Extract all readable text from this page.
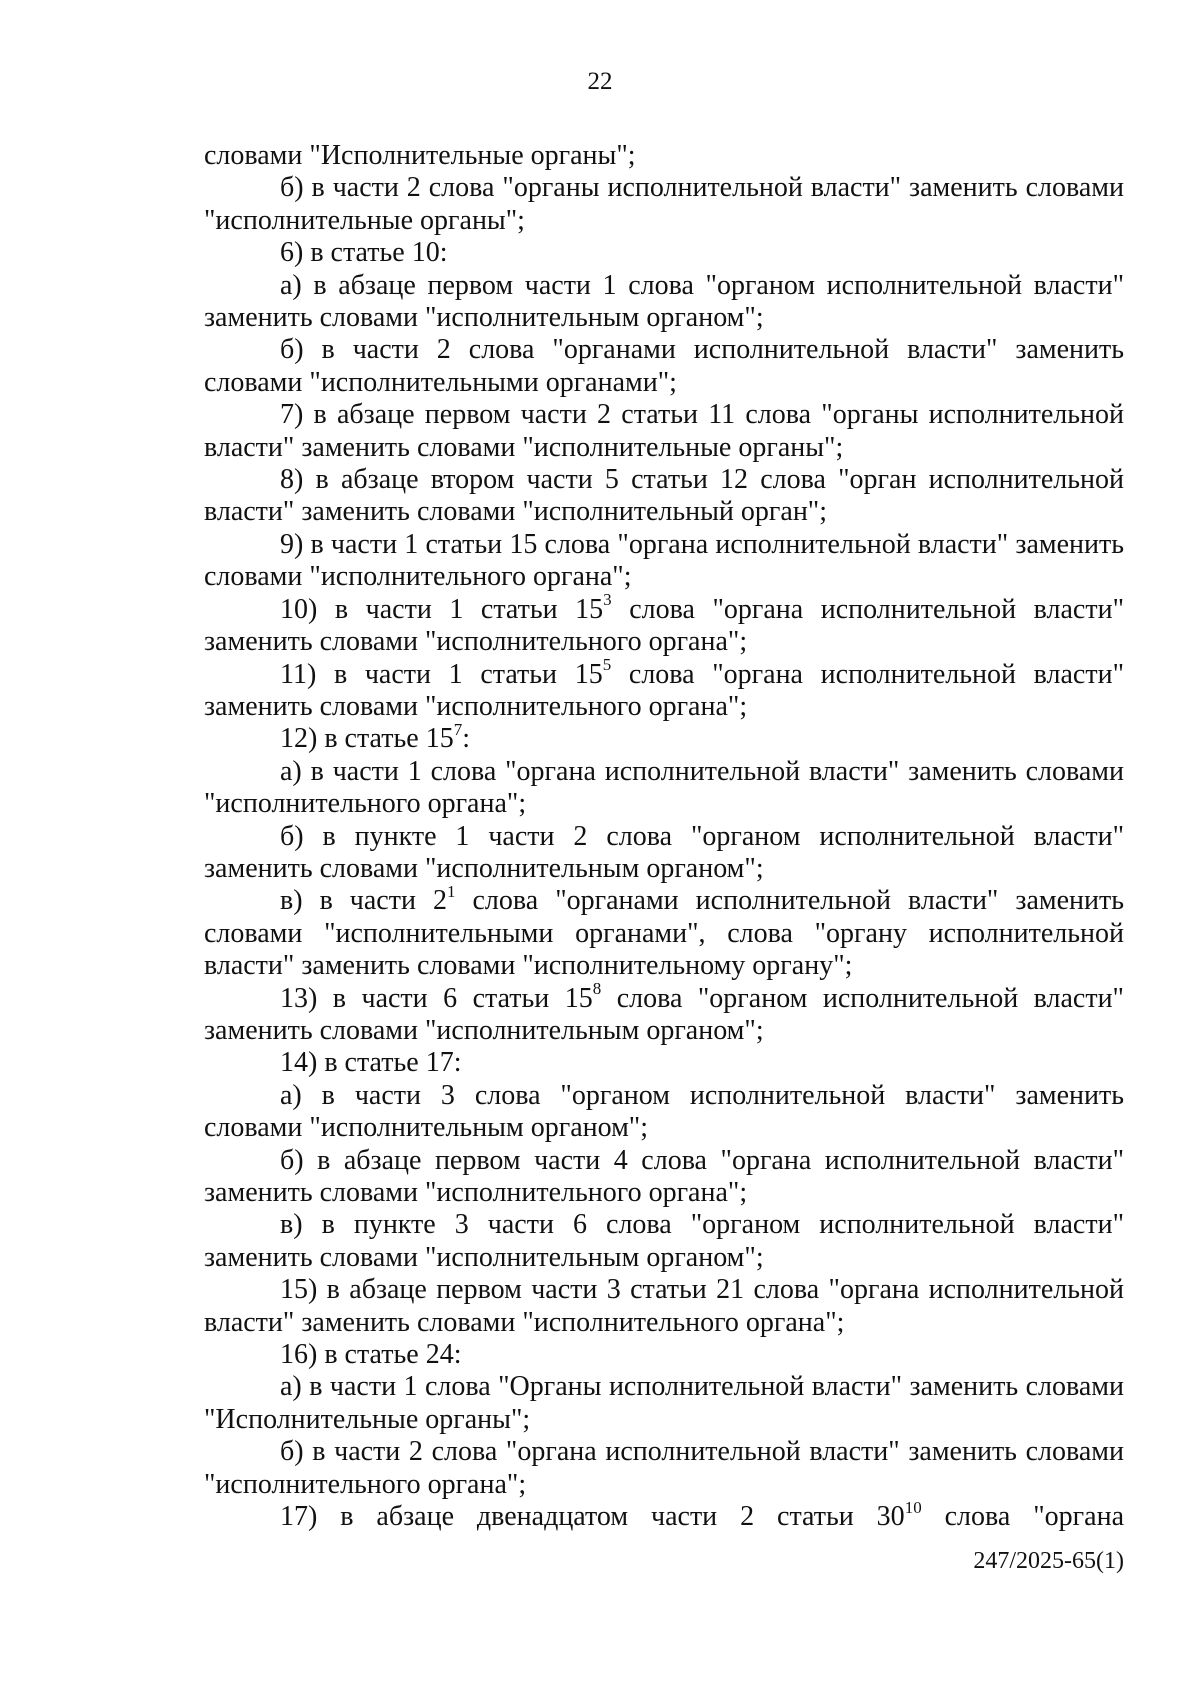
22

словами "Исполнительные органы";

б) в части 2 слова "органы исполнительной власти" заменить словами "исполнительные органы";

6) в статье 10:

а) в абзаце первом части 1 слова "органом исполнительной власти" заменить словами "исполнительным органом";

б) в части 2 слова "органами исполнительной власти" заменить словами "исполнительными органами";

7) в абзаце первом части 2 статьи 11 слова "органы исполнительной власти" заменить словами "исполнительные органы";

8) в абзаце втором части 5 статьи 12 слова "орган исполнительной власти" заменить словами "исполнительный орган";

9) в части 1 статьи 15 слова "органа исполнительной власти" заменить словами "исполнительного органа";

10) в части 1 статьи $15^3$ слова "органа исполнительной власти" заменить словами "исполнительного органа";

11) в части 1 статьи $15^5$ слова "органа исполнительной власти" заменить словами "исполнительного органа";

12) в статье $15^7$:

а) в части 1 слова "органа исполнительной власти" заменить словами "исполнительного органа";

б) в пункте 1 части 2 слова "органом исполнительной власти" заменить словами "исполнительным органом";

в) в части $2^1$ слова "органами исполнительной власти" заменить словами "исполнительными органами", слова "органу исполнительной власти" заменить словами "исполнительному органу";

13) в части 6 статьи $15^8$ слова "органом исполнительной власти" заменить словами "исполнительным органом";

14) в статье 17:

а) в части 3 слова "органом исполнительной власти" заменить словами "исполнительным органом";

б) в абзаце первом части 4 слова "органа исполнительной власти" заменить словами "исполнительного органа";

в) в пункте 3 части 6 слова "органом исполнительной власти" заменить словами "исполнительным органом";

15) в абзаце первом части 3 статьи 21 слова "органа исполнительной власти" заменить словами "исполнительного органа";

16) в статье 24:

а) в части 1 слова "Органы исполнительной власти" заменить словами "Исполнительные органы";

б) в части 2 слова "органа исполнительной власти" заменить словами "исполнительного органа";

17) в абзаце двенадцатом части 2 статьи $30^{10}$ слова "органа

247/2025-65(1)
